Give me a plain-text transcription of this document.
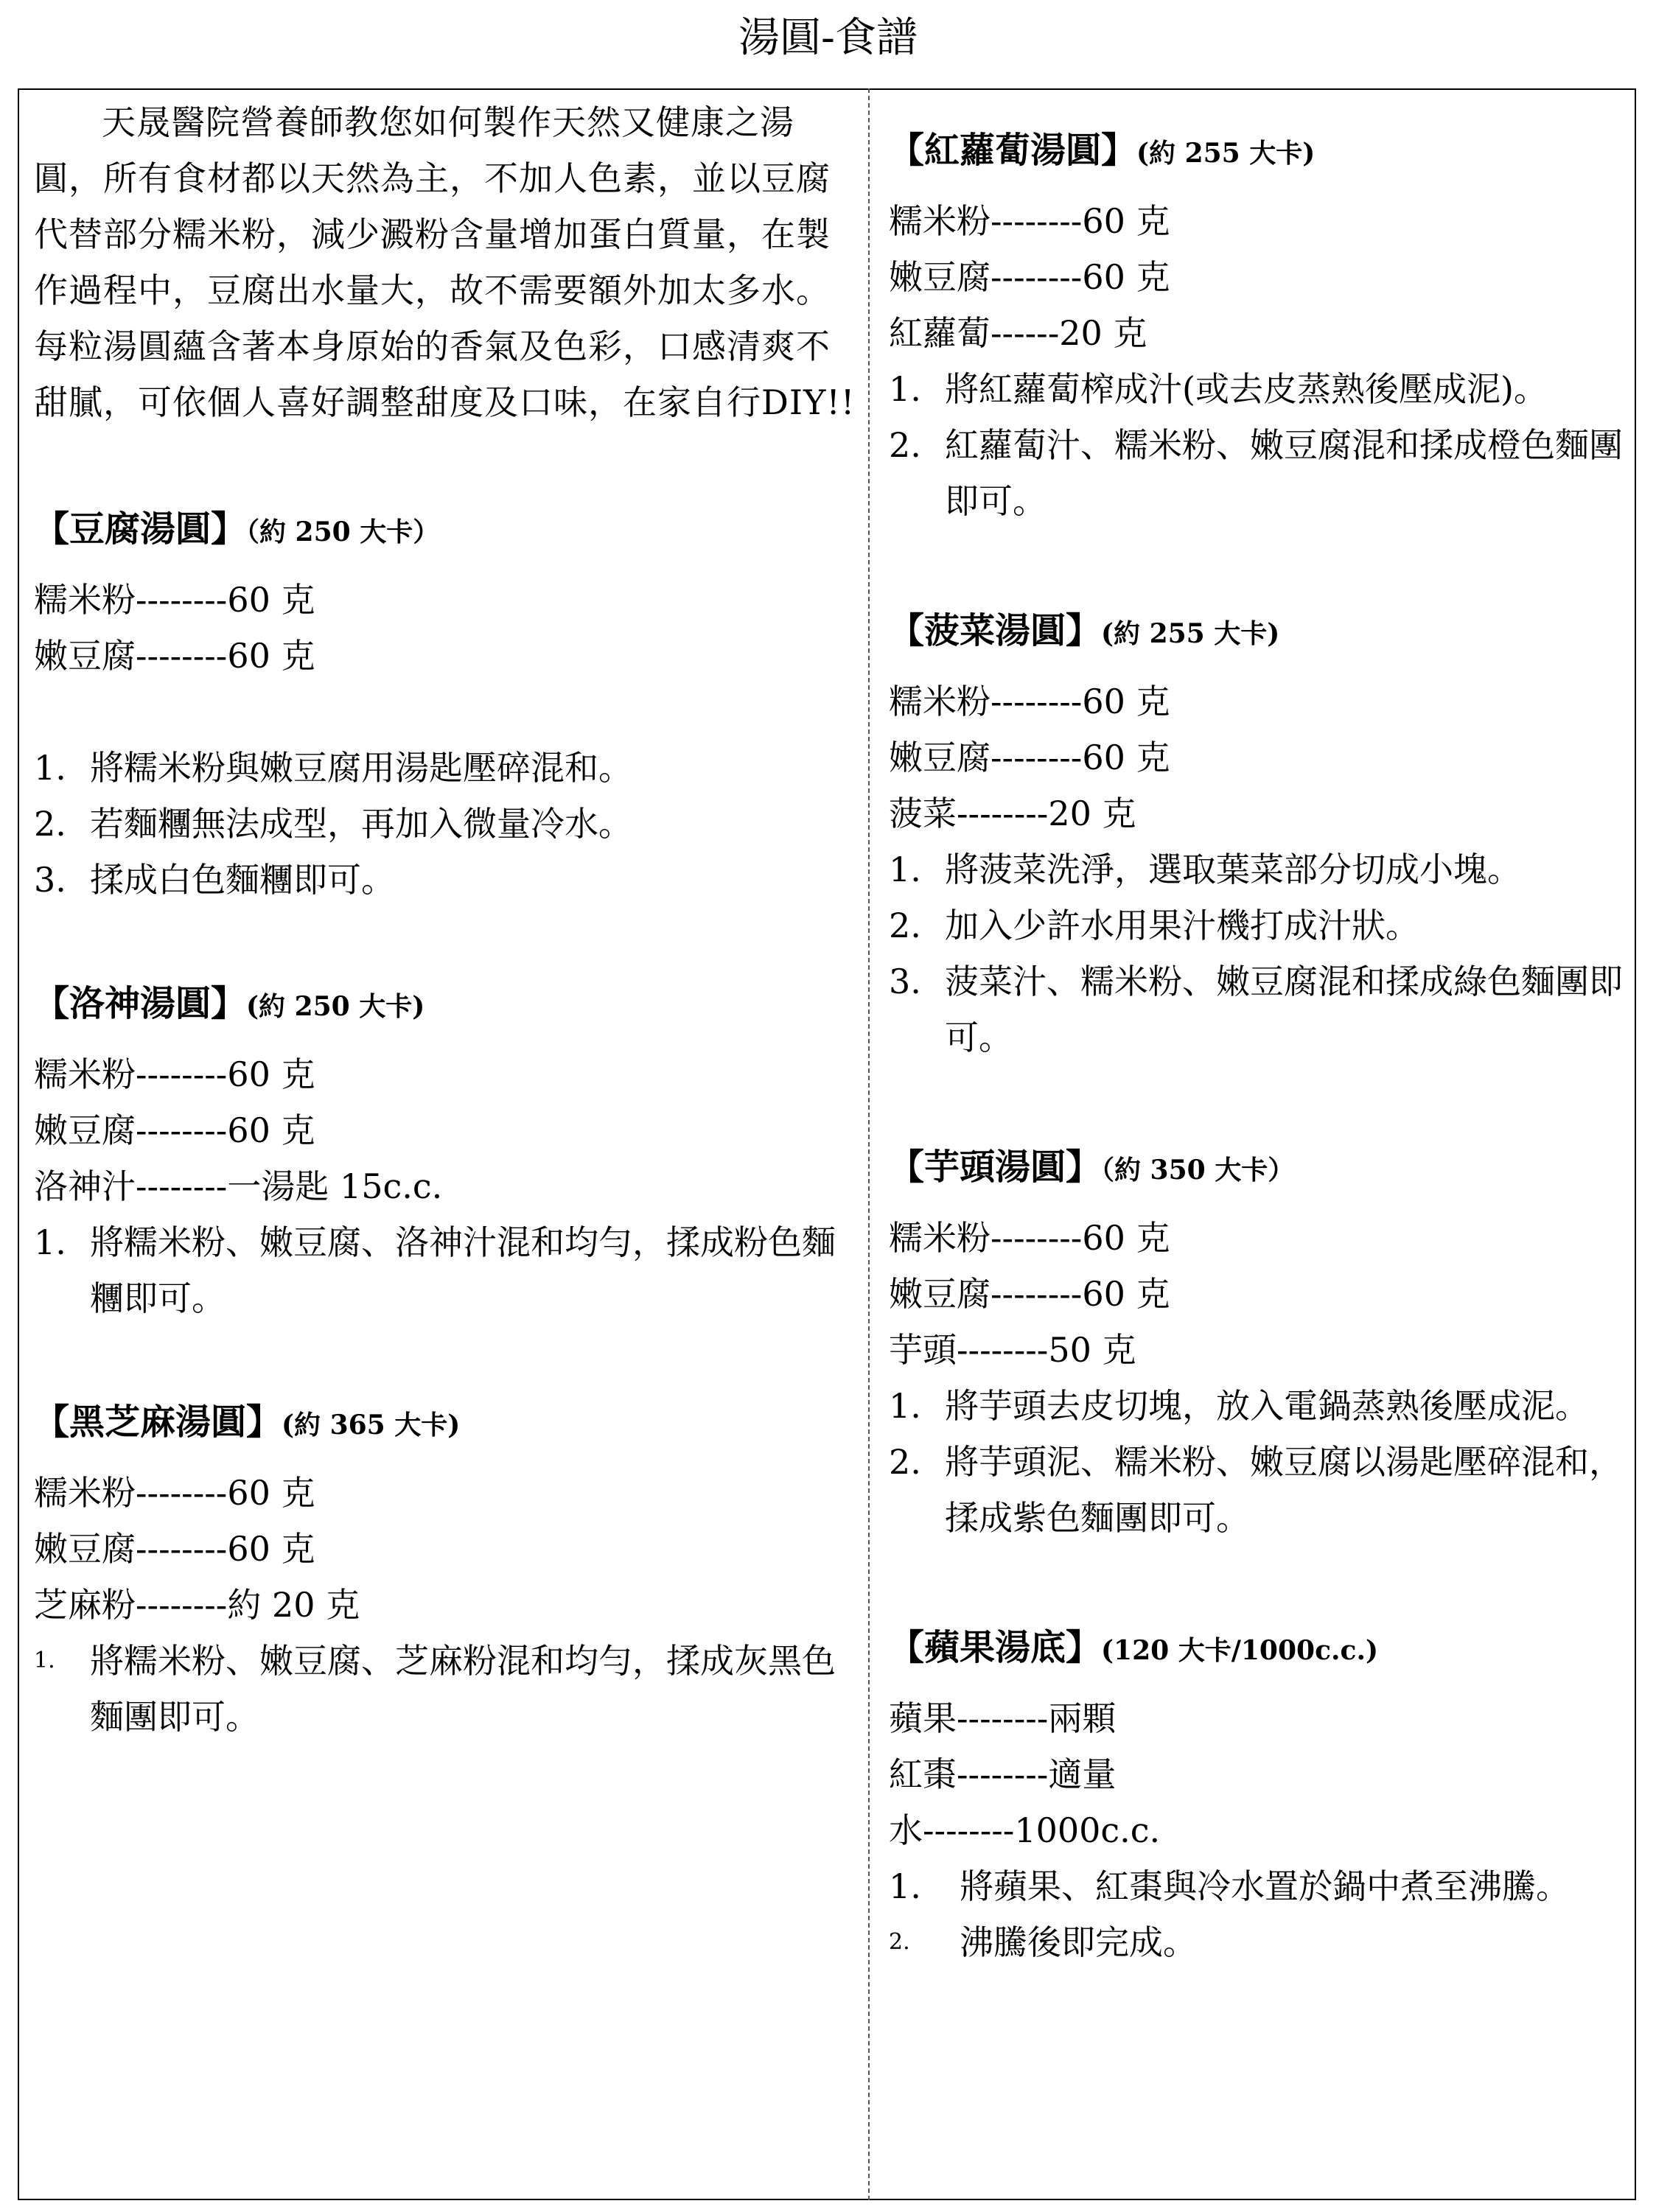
湯圓-食譜

天晟醫院營養師教您如何製作天然又健康之湯圓，所有食材都以天然為主，不加人色素，並以豆腐代替部分糯米粉，減少澱粉含量增加蛋白質量，在製作過程中，豆腐出水量大，故不需要額外加太多水。每粒湯圓蘊含著本身原始的香氣及色彩，口感清爽不甜膩，可依個人喜好調整甜度及口味，在家自行DIY!!

【豆腐湯圓】（約 250 大卡）

糯米粉--------60 克

嫩豆腐--------60 克

1. 將糯米粉與嫩豆腐用湯匙壓碎混和。
2. 若麵糰無法成型，再加入微量冷水。
3. 揉成白色麵糰即可。

【洛神湯圓】(約 250 大卡)

糯米粉--------60 克

嫩豆腐--------60 克

洛神汁--------一湯匙 15c.c.

1. 將糯米粉、嫩豆腐、洛神汁混和均勻，揉成粉色麵糰即可。

【黑芝麻湯圓】(約 365 大卡)

糯米粉--------60 克

嫩豆腐--------60 克

芝麻粉--------約 20 克

1.	將糯米粉、嫩豆腐、芝麻粉混和均勻，揉成灰黑色麵團即可。

【紅蘿蔔湯圓】(約 255 大卡)

糯米粉--------60 克

嫩豆腐--------60 克

紅蘿蔔------20 克

1. 將紅蘿蔔榨成汁(或去皮蒸熟後壓成泥)。
2. 紅蘿蔔汁、糯米粉、嫩豆腐混和揉成橙色麵團即可。

【菠菜湯圓】(約 255 大卡)

糯米粉--------60 克

嫩豆腐--------60 克

菠菜--------20 克

1. 將菠菜洗淨，選取葉菜部分切成小塊。
2. 加入少許水用果汁機打成汁狀。
3. 菠菜汁、糯米粉、嫩豆腐混和揉成綠色麵團即可。

【芋頭湯圓】（約 350 大卡）

糯米粉--------60 克

嫩豆腐--------60 克

芋頭--------50 克

1. 將芋頭去皮切塊，放入電鍋蒸熟後壓成泥。
2. 將芋頭泥、糯米粉、嫩豆腐以湯匙壓碎混和，揉成紫色麵團即可。

【蘋果湯底】(120 大卡/1000c.c.)

蘋果--------兩顆

紅棗--------適量

水--------1000c.c.

1.	將蘋果、紅棗與冷水置於鍋中煮至沸騰。
2.	沸騰後即完成。
